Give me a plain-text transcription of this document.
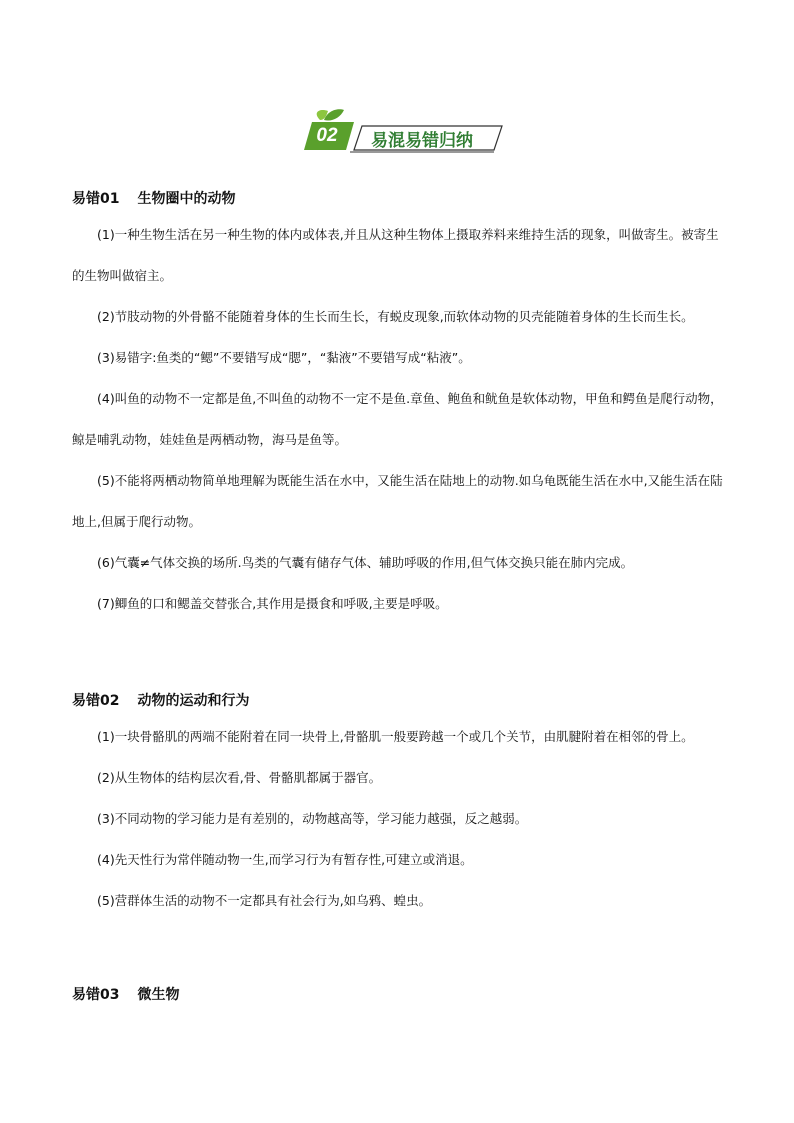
02	易混易错归纳
易错01 生物圈中的动物

(1)一种生物生活在另一种生物的体内或体表,并且从这种生物体上摄取养料来维持生活的现象，叫做寄生。被寄生的生物叫做宿主。

(2)节肢动物的外骨骼不能随着身体的生长而生长，有蜕皮现象,而软体动物的贝壳能随着身体的生长而生长。

(3)易错字:鱼类的“鳃”不要错写成“腮”，“黏液”不要错写成“粘液”。

(4)叫鱼的动物不一定都是鱼,不叫鱼的动物不一定不是鱼.章鱼、鲍鱼和鱿鱼是软体动物，甲鱼和鳄鱼是爬行动物，鲸是哺乳动物，娃娃鱼是两栖动物，海马是鱼等。

(5)不能将两栖动物简单地理解为既能生活在水中，又能生活在陆地上的动物.如乌龟既能生活在水中,又能生活在陆地上,但属于爬行动物。

(6)气囊≠气体交换的场所.鸟类的气囊有储存气体、辅助呼吸的作用,但气体交换只能在肺内完成。

(7)鲫鱼的口和鳃盖交替张合,其作用是摄食和呼吸,主要是呼吸。

易错02 动物的运动和行为

(1)一块骨骼肌的两端不能附着在同一块骨上,骨骼肌一般要跨越一个或几个关节，由肌腱附着在相邻的骨上。

(2)从生物体的结构层次看,骨、骨骼肌都属于器官。

(3)不同动物的学习能力是有差别的，动物越高等，学习能力越强，反之越弱。

(4)先天性行为常伴随动物一生,而学习行为有暂存性,可建立或消退。

(5)营群体生活的动物不一定都具有社会行为,如乌鸦、蝗虫。

易错03 微生物
